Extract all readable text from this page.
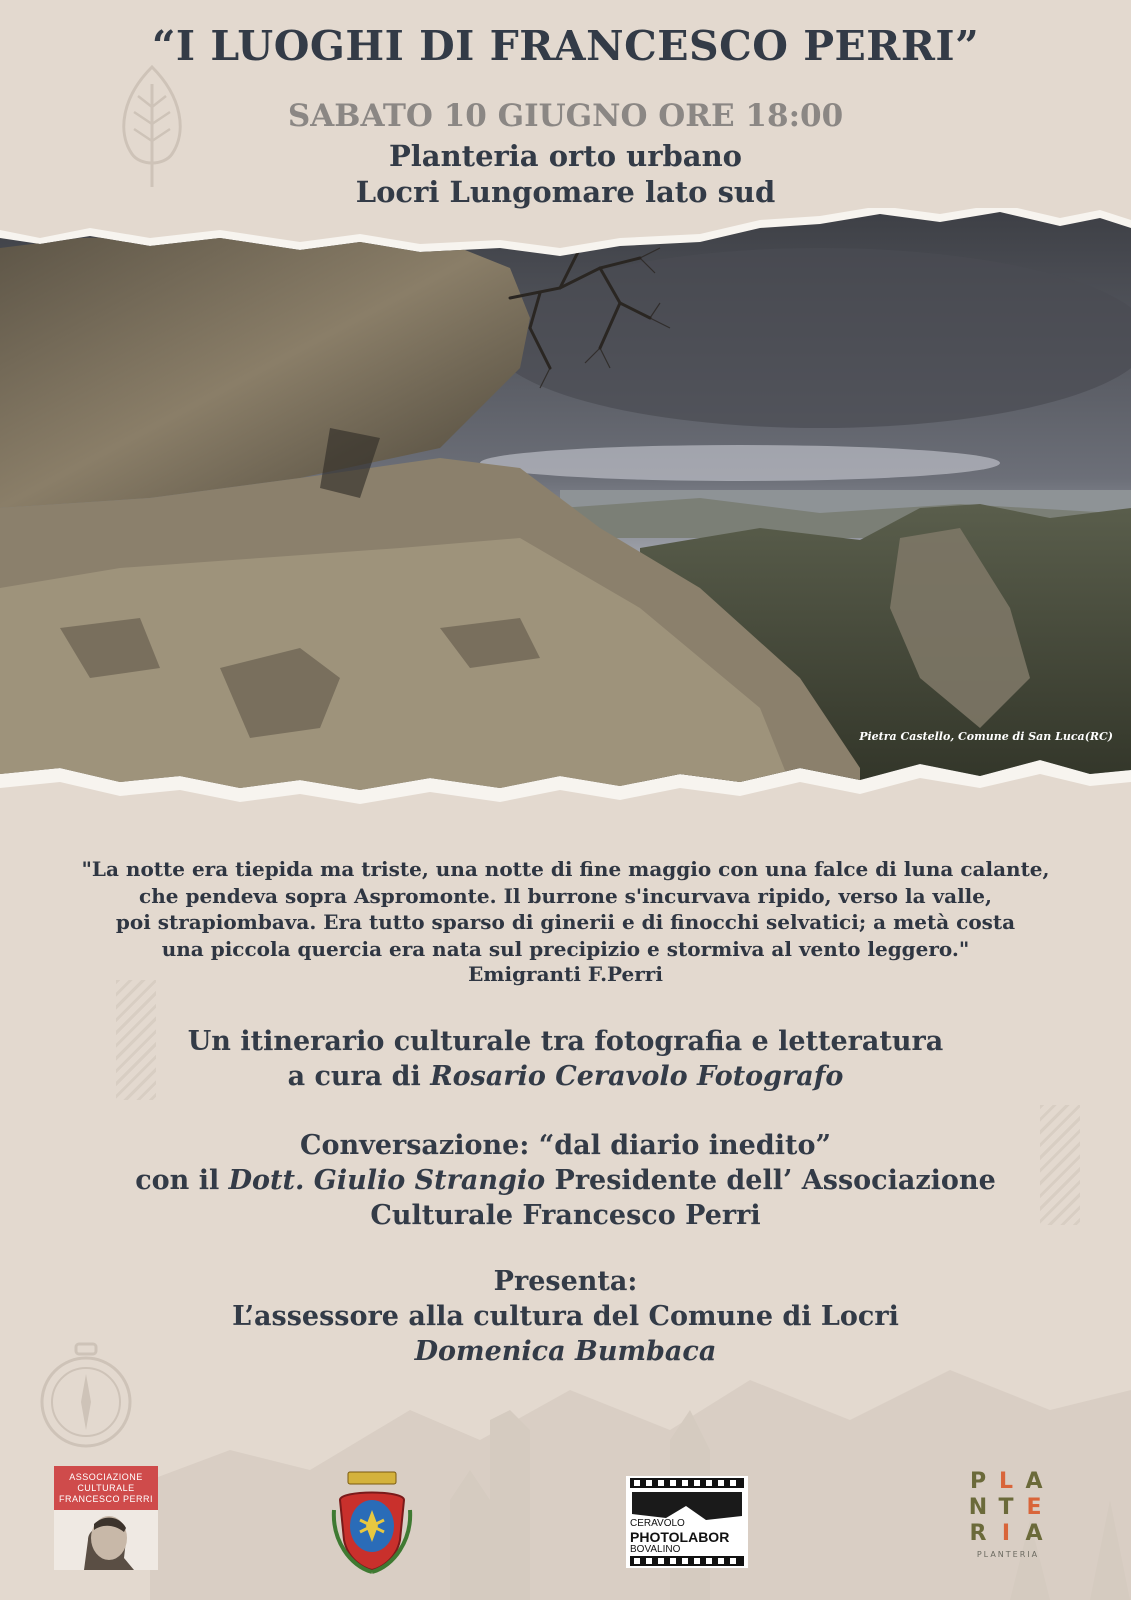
“I LUOGHI DI FRANCESCO PERRI”
SABATO 10 GIUGNO ORE 18:00
Planteria orto urbano
Locri Lungomare lato sud
Pietra Castello, Comune di San Luca(RC)
"La notte era tiepida ma triste, una notte di fine maggio con una falce di luna calante,
che pendeva sopra Aspromonte. Il burrone s'incurvava ripido, verso la valle,
poi strapiombava. Era tutto sparso di ginerii e di finocchi selvatici; a metà costa
una piccola quercia era nata sul precipizio e stormiva al vento leggero."
Emigranti F.Perri
Un itinerario culturale tra fotografia e letteratura
a cura di Rosario Ceravolo Fotografo
Conversazione: “dal diario inedito”
con il Dott. Giulio Strangio Presidente dell’ Associazione
Culturale Francesco Perri
Presenta:
L’assessore alla cultura del Comune di Locri
Domenica Bumbaca
ASSOCIAZIONE
CULTURALE
FRANCESCO PERRI
CERAVOLO
PHOTOLABOR
BOVALINO
P L A
N T E
R I A
PLANTERIA
